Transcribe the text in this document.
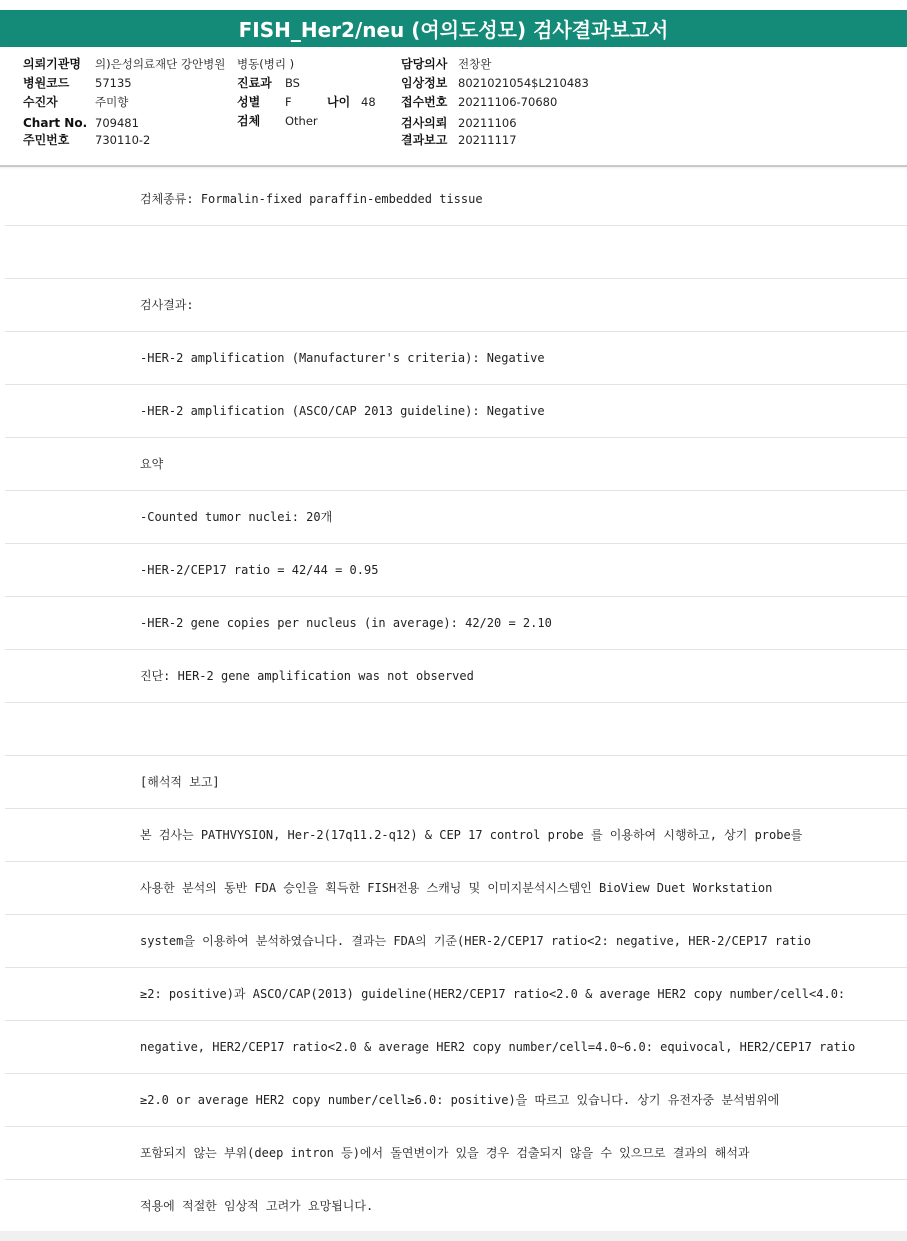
FISH_Her2/neu (여의도성모) 검사결과보고서
의뢰기관명 의)은성의료재단 강안병원
병원코드 57135
수진자	주미향
Chart No. 709481
주민번호 730110-2
병동(병리 )
진료과 BS
성별 F	나이 48
검체 Other
담당의사 전창완
임상정보 8021021054$L210483
접수번호 20211106-70680
검사의뢰 20211106
결과보고 20211117
검체종류: Formalin-fixed paraffin-embedded tissue
검사결과:
-HER-2 amplification (Manufacturer's criteria): Negative
-HER-2 amplification (ASCO/CAP 2013 guideline): Negative
요약
-Counted tumor nuclei: 20개
-HER-2/CEP17 ratio = 42/44 = 0.95
-HER-2 gene copies per nucleus (in average): 42/20 = 2.10
진단: HER-2 gene amplification was not observed
[해석적 보고]
본 검사는 PATHVYSION, Her-2(17q11.2-q12) & CEP 17 control probe 를 이용하여 시행하고, 상기 probe를
사용한 분석의 동반 FDA 승인을 획득한 FISH전용 스캐닝 및 이미지분석시스템인 BioView Duet Workstation
system을 이용하여 분석하였습니다. 결과는 FDA의 기준(HER-2/CEP17 ratio<2: negative, HER-2/CEP17 ratio
≥2: positive)과 ASCO/CAP(2013) guideline(HER2/CEP17 ratio<2.0 & average HER2 copy number/cell<4.0:
negative, HER2/CEP17 ratio<2.0 & average HER2 copy number/cell=4.0~6.0: equivocal, HER2/CEP17 ratio
≥2.0 or average HER2 copy number/cell≥6.0: positive)을 따르고 있습니다. 상기 유전자중 분석범위에
포함되지 않는 부위(deep intron 등)에서 돌연변이가 있을 경우 검출되지 않을 수 있으므로 결과의 해석과
적용에 적절한 임상적 고려가 요망됩니다.
